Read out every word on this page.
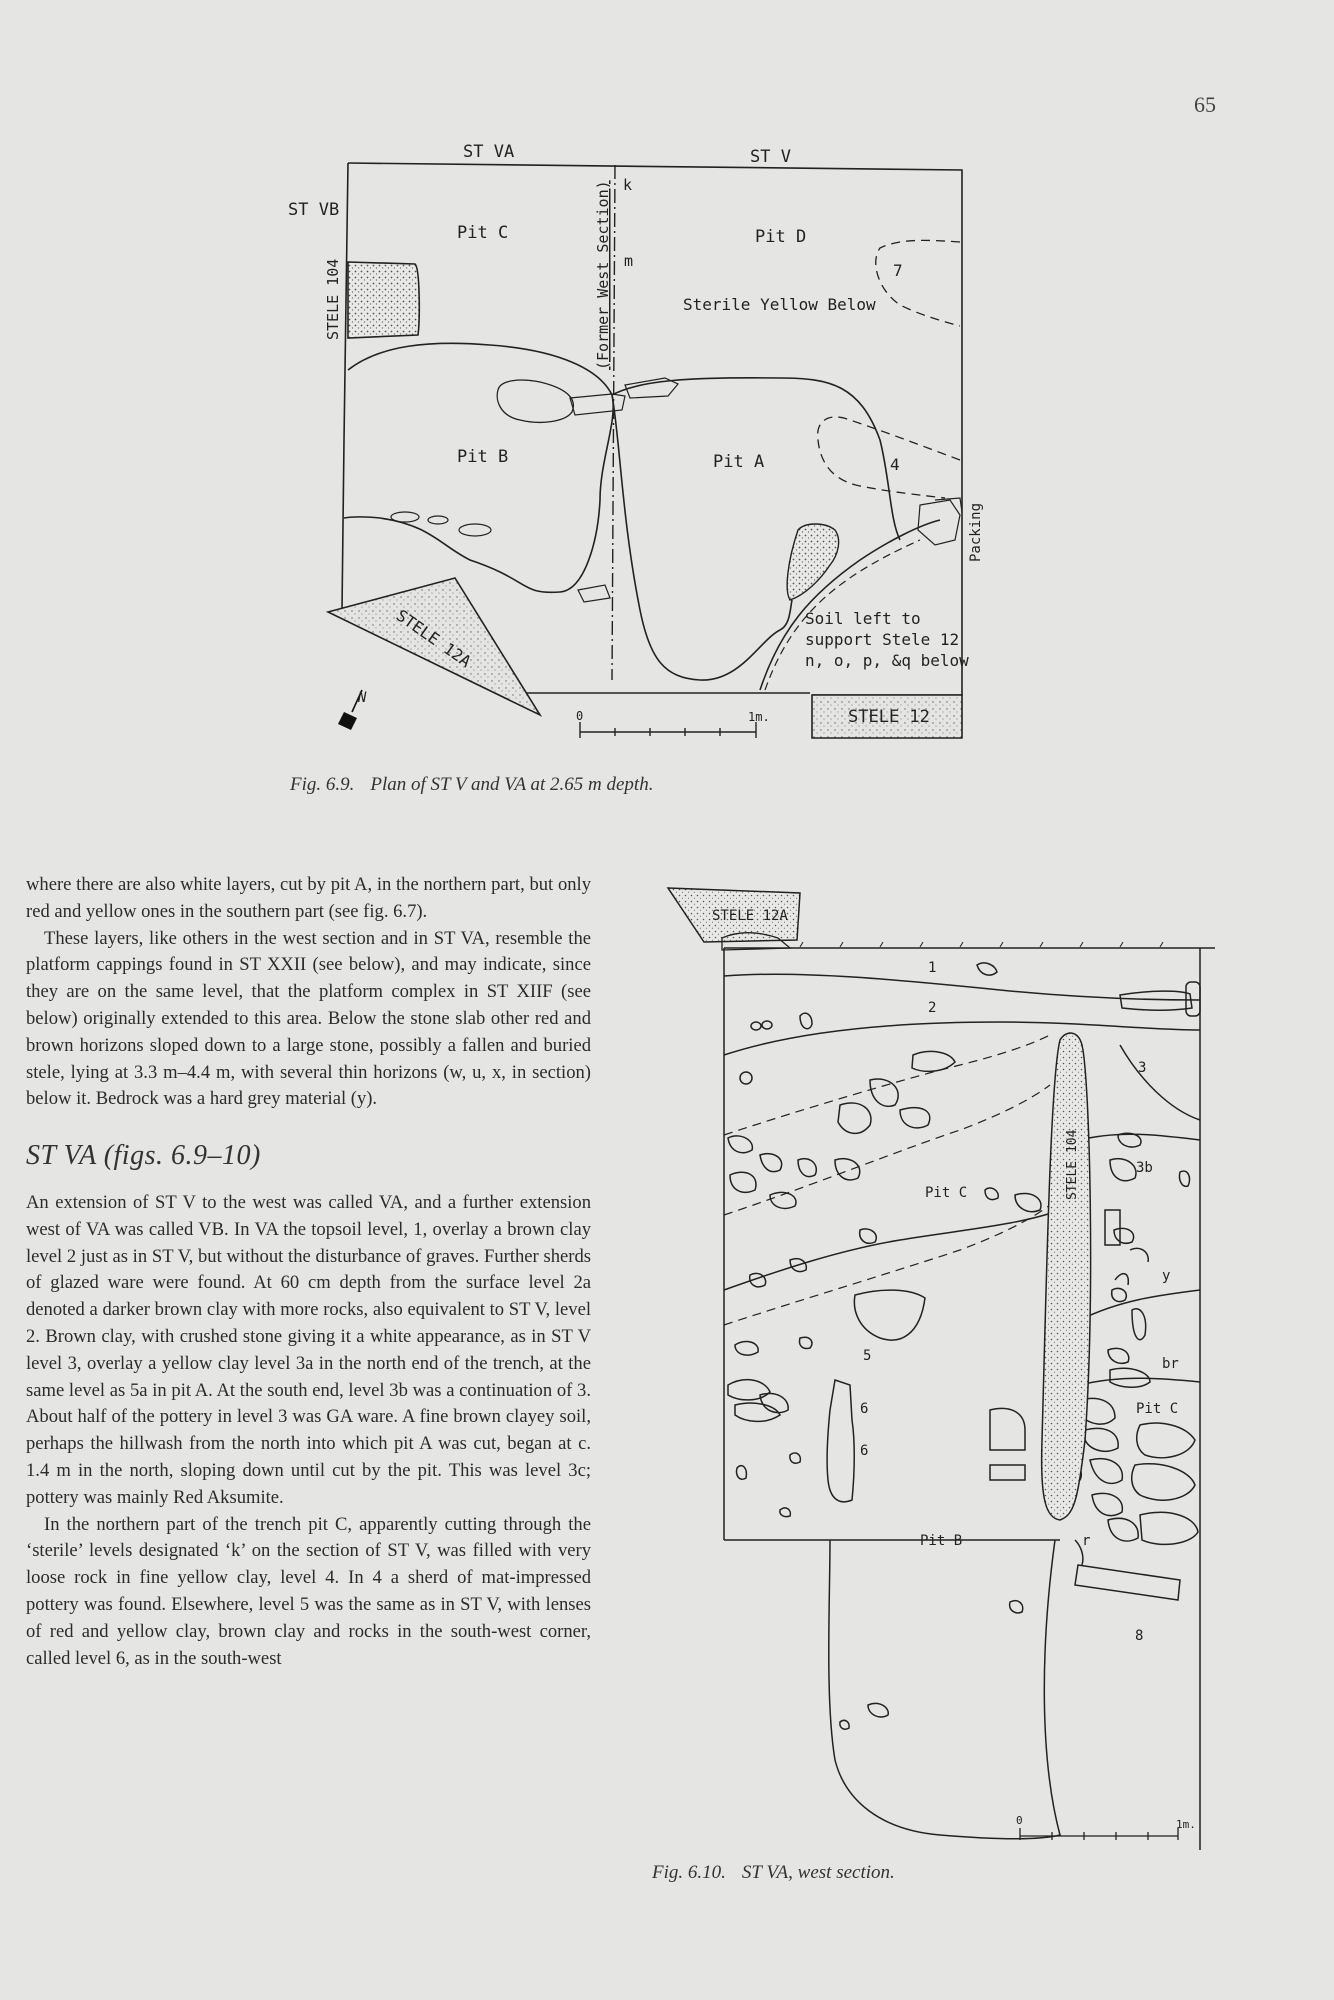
65
ST VA	ST V
ST VB
Pit C	Pit D
Pit B	Pit A
Sterile Yellow Below
7
4
k
m
STELE 104	(Former West Section)
Packing
Soil left to
support Stele 12
n, o, p, &q below
STELE 12A
STELE 12
N
0	1m.
Fig. 6.9. Plan of ST V and VA at 2.65 m depth.

where there are also white layers, cut by pit A, in the northern part, but only red and yellow ones in the southern part (see fig. 6.7).

These layers, like others in the west section and in ST VA, resemble the platform cappings found in ST XXII (see below), and may indicate, since they are on the same level, that the platform complex in ST XIIF (see below) originally extended to this area. Below the stone slab other red and brown horizons sloped down to a large stone, possibly a fallen and buried stele, lying at 3.3 m–4.4 m, with several thin horizons (w, u, x, in section) below it. Bedrock was a hard grey material (y).

ST VA (figs. 6.9–10)

An extension of ST V to the west was called VA, and a further extension west of VA was called VB. In VA the topsoil level, 1, overlay a brown clay level 2 just as in ST V, but without the disturbance of graves. Further sherds of glazed ware were found. At 60 cm depth from the surface level 2a denoted a darker brown clay with more rocks, also equivalent to ST V, level 2. Brown clay, with crushed stone giving it a white appearance, as in ST V level 3, overlay a yellow clay level 3a in the north end of the trench, at the same level as 5a in pit A. At the south end, level 3b was a continuation of 3. About half of the pottery in level 3 was GA ware. A fine brown clayey soil, perhaps the hillwash from the north into which pit A was cut, began at c. 1.4 m in the north, sloping down until cut by the pit. This was level 3c; pottery was mainly Red Aksumite.

In the northern part of the trench pit C, apparently cutting through the ‘sterile’ levels designated ‘k’ on the section of ST V, was filled with very loose rock in fine yellow clay, level 4. In 4 a sherd of mat-impressed pottery was found. Elsewhere, level 5 was the same as in ST V, with lenses of red and yellow clay, brown clay and rocks in the south-west corner, called level 6, as in the south-west

STELE 12A
STELE 104
1
2
3
3b
y
br
Pit C
Pit C
5
6
6
Pit B	r
8
0	1m.
Fig. 6.10. ST VA, west section.
